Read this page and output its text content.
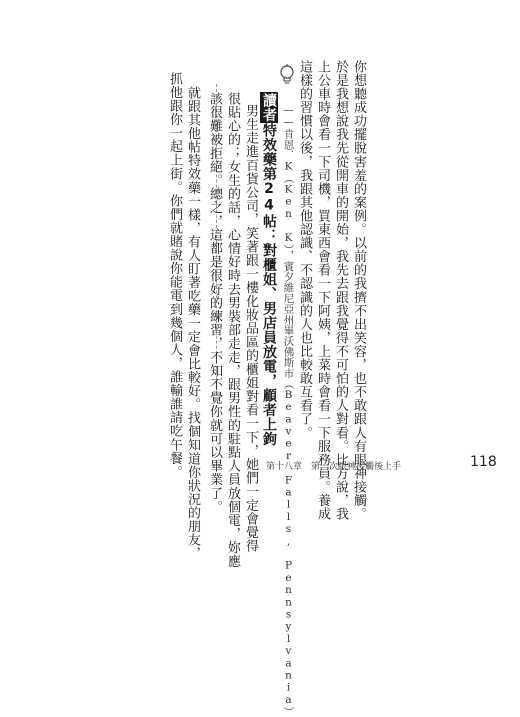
你想聽成功擺脫害羞的案例。以前的我擠不出笑容，也不敢跟人有眼神接觸。
於是我想說我先從開車的開始，我先去跟我覺得不可怕的人對看。比方說，我
上公車時會看一下司機，買東西會看一下阿姨，上菜時會看一下服務員。養成
這樣的習慣以後，我跟其他認識、不認識的人也比較敢互看了。
——肯恩．K（Ken K），賓夕維尼亞州畢沃佛斯市（Beaver Falls, Pennsylvania）
讀者特效藥第24帖：對櫃姐、男店員放電，顧者上鉤
男生走進百貨公司，笑著跟一樓化妝品區的櫃姐對看一下，她們一定會覺得
很貼心的；女生的話，心情好時去男裝部走走，跟男性的駐點人員放個電，妳應
該很難被拒絕。總之，這都是很好的練習，不知不覺你就可以畢業了。
就跟其他帖特效藥一樣，有人盯著吃藥一定會比較好。找個知道你狀況的朋友，
抓他跟你一起上街。你們就賭說你能電到幾個人，誰輸誰請吃午餐。	第十八章　第一次眼神接觸後上手	118
